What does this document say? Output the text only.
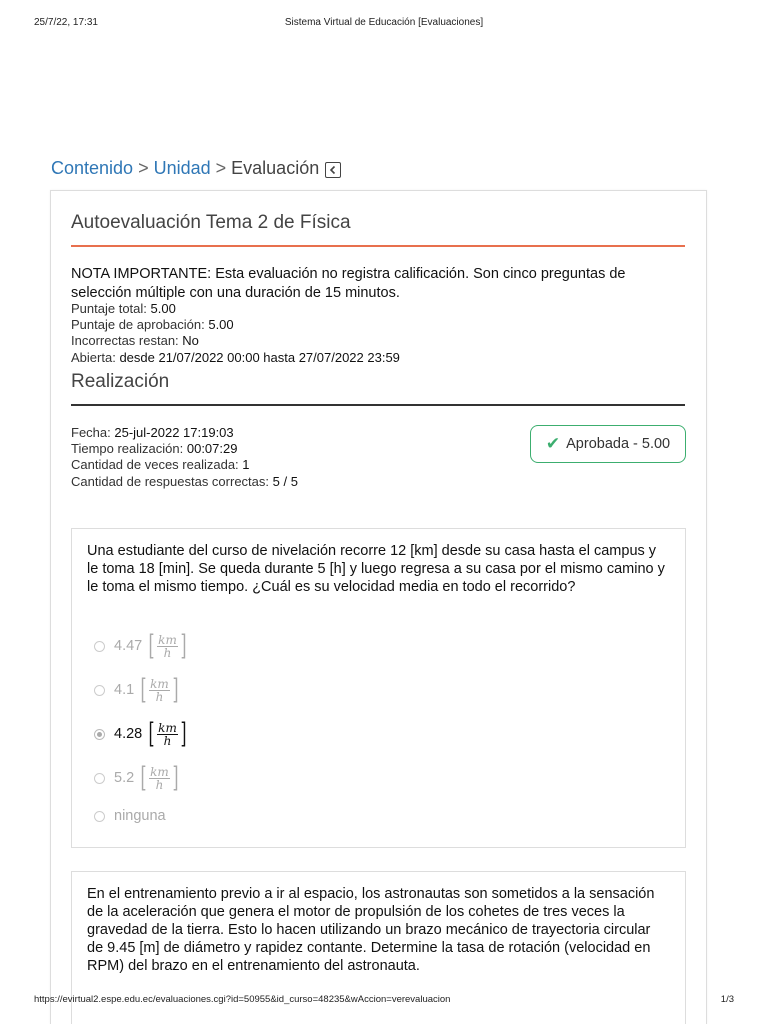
25/7/22, 17:31	Sistema Virtual de Educación [Evaluaciones]
Contenido > Unidad > Evaluación
Autoevaluación Tema 2 de Física
NOTA IMPORTANTE: Esta evaluación no registra calificación. Son cinco preguntas de selección múltiple con una duración de 15 minutos.
Puntaje total: 5.00
Puntaje de aprobación: 5.00
Incorrectas restan: No
Abierta: desde 21/07/2022 00:00 hasta 27/07/2022 23:59
Realización
Fecha: 25-jul-2022 17:19:03
Tiempo realización: 00:07:29
Cantidad de veces realizada: 1
Cantidad de respuestas correctas: 5 / 5
✔ Aprobada - 5.00
Una estudiante del curso de nivelación recorre 12 [km] desde su casa hasta el campus y le toma 18 [min]. Se queda durante 5 [h] y luego regresa a su casa por el mismo camino y le toma el mismo tiempo. ¿Cuál es su velocidad media en todo el recorrido?
4.47 [ $\frac{km}{h}$ ]
4.1 [ $\frac{km}{h}$ ]
4.28 [ $\frac{km}{h}$ ]
5.2 [ $\frac{km}{h}$ ]
ninguna
En el entrenamiento previo a ir al espacio, los astronautas son sometidos a la sensación de la aceleración que genera el motor de propulsión de los cohetes de tres veces la gravedad de la tierra. Esto lo hacen utilizando un brazo mecánico de trayectoria circular de 9.45 [m] de diámetro y rapidez contante. Determine la tasa de rotación (velocidad en RPM) del brazo en el entrenamiento del astronauta.
https://evirtual2.espe.edu.ec/evaluaciones.cgi?id=50955&id_curso=48235&wAccion=verevaluacion	1/3
